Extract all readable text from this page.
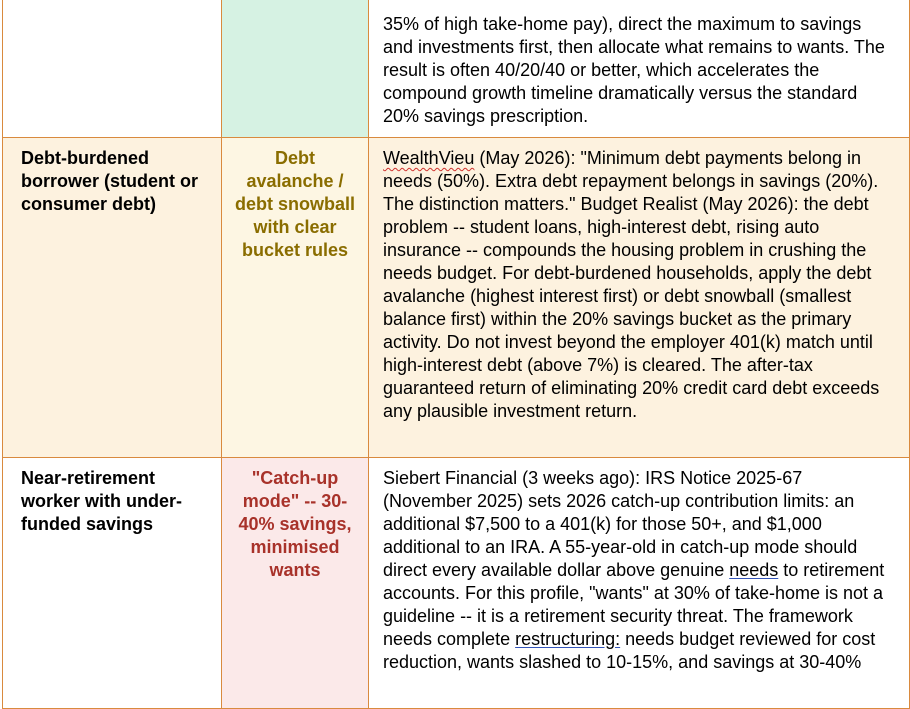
		35% of high take-home pay), direct the maximum to savings and investments first, then allocate what remains to wants. The result is often 40/20/40 or better, which accelerates the compound growth timeline dramatically versus the standard 20% savings prescription.

Debt-burdened borrower (student or consumer debt)	Debt avalanche / debt snowball with clear bucket rules	WealthVieu (May 2026): "Minimum debt payments belong in needs (50%). Extra debt repayment belongs in savings (20%). The distinction matters." Budget Realist (May 2026): the debt problem -- student loans, high-interest debt, rising auto insurance -- compounds the housing problem in crushing the needs budget. For debt-burdened households, apply the debt avalanche (highest interest first) or debt snowball (smallest balance first) within the 20% savings bucket as the primary activity. Do not invest beyond the employer 401(k) match until high-interest debt (above 7%) is cleared. The after-tax guaranteed return of eliminating 20% credit card debt exceeds any plausible investment return.

Near-retirement worker with under-funded savings	"Catch-up mode" -- 30-40% savings, minimised wants	Siebert Financial (3 weeks ago): IRS Notice 2025-67 (November 2025) sets 2026 catch-up contribution limits: an additional $7,500 to a 401(k) for those 50+, and $1,000 additional to an IRA. A 55-year-old in catch-up mode should direct every available dollar above genuine needs to retirement accounts. For this profile, "wants" at 30% of take-home is not a guideline -- it is a retirement security threat. The framework needs complete restructuring: needs budget reviewed for cost reduction, wants slashed to 10-15%, and savings at 30-40%
